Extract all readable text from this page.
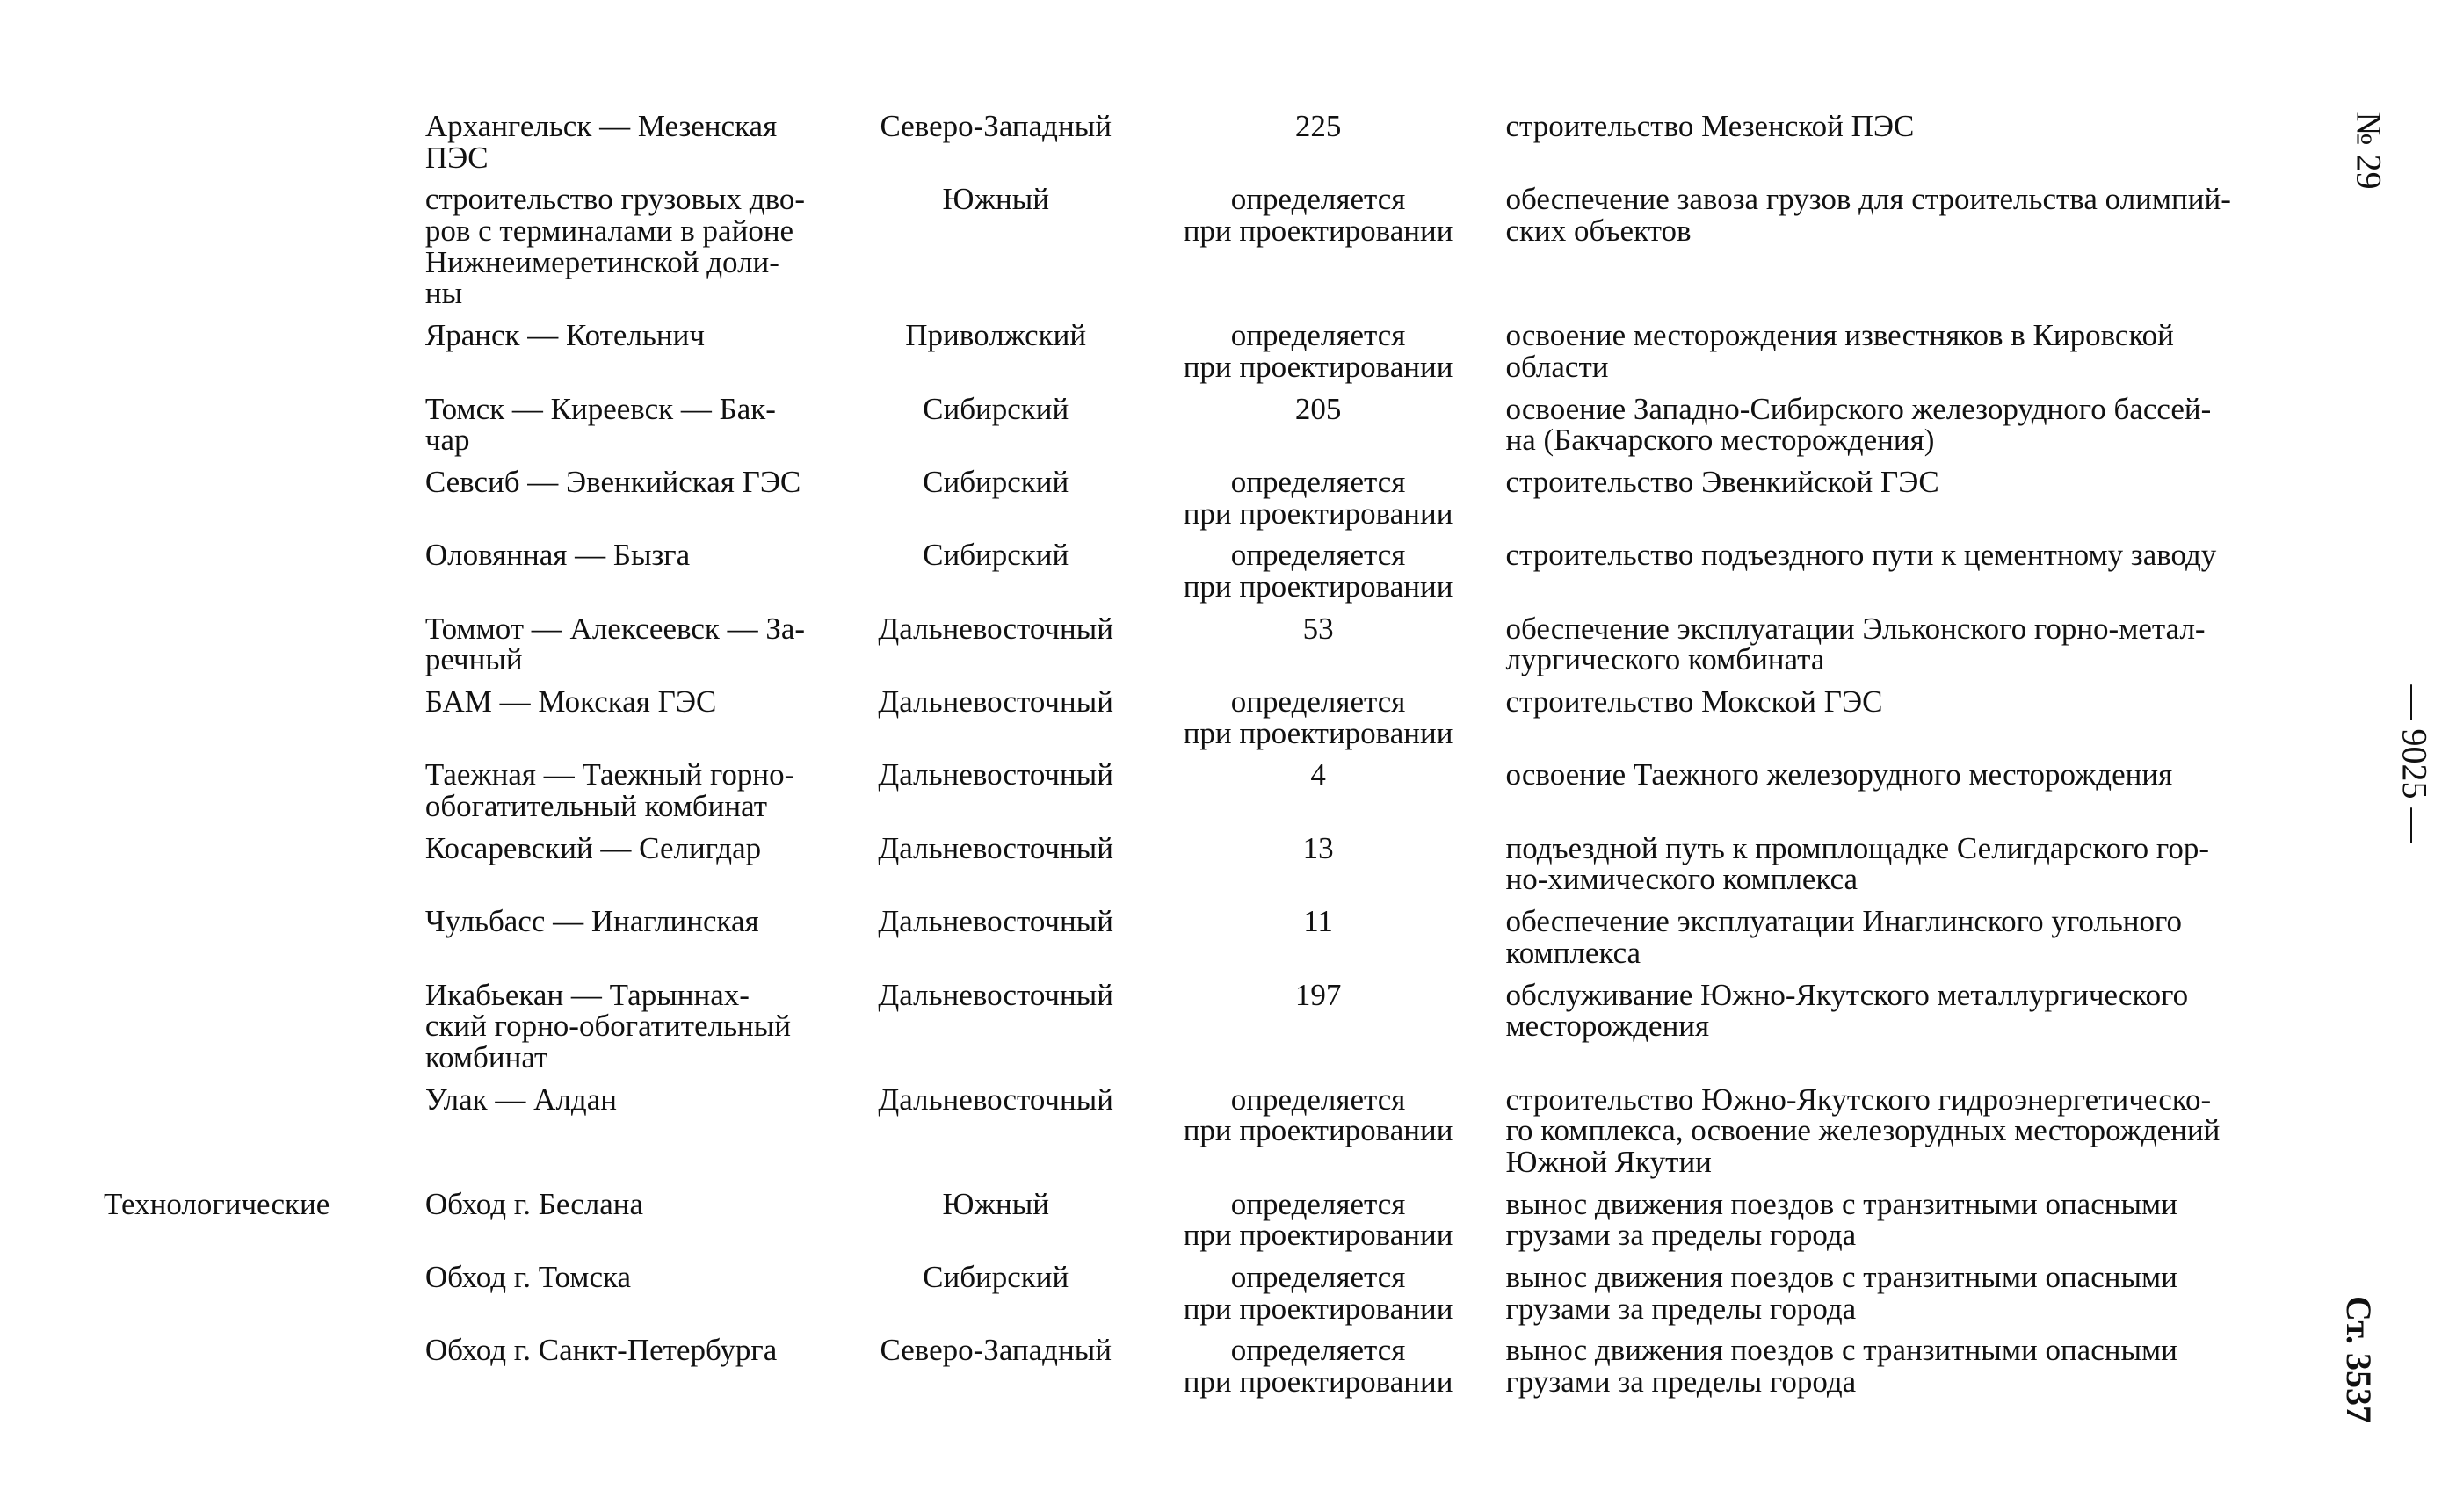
	Архангельск — Мезенская ПЭС	Северо-Западный	225	строительство Мезенской ПЭС

	строительство грузовых дво-
ров с терминалами в районе
Нижнеимеретинской доли-
ны	Южный	определяется
при проектировании	обеспечение завоза грузов для строительства олимпий-
ских объектов

	Яранск — Котельнич	Приволжский	определяется
при проектировании	освоение месторождения известняков в Кировской
области

	Томск — Киреевск — Бак-
чар	Сибирский	205	освоение Западно-Сибирского железорудного бассей-
на (Бакчарского месторождения)

	Севсиб — Эвенкийская ГЭС	Сибирский	определяется
при проектировании	строительство Эвенкийской ГЭС

	Оловянная — Бызга	Сибирский	определяется
при проектировании	строительство подъездного пути к цементному заводу

	Томмот — Алексеевск — За-
речный	Дальневосточный	53	обеспечение эксплуатации Эльконского горно-метал-
лургического комбината

	БАМ — Мокская ГЭС	Дальневосточный	определяется
при проектировании	строительство Мокской ГЭС

	Таежная — Таежный горно-
обогатительный комбинат	Дальневосточный	4	освоение Таежного железорудного месторождения

	Косаревский — Селигдар	Дальневосточный	13	подъездной путь к промплощадке Селигдарского гор-
но-химического комплекса

	Чульбасс — Инаглинская	Дальневосточный	11	обеспечение эксплуатации Инаглинского угольного
комплекса

	Икабьекан — Тарыннах-
ский горно-обогатительный
комбинат	Дальневосточный	197	обслуживание Южно-Якутского металлургического
месторождения

	Улак — Алдан	Дальневосточный	определяется
при проектировании	строительство Южно-Якутского гидроэнергетическо-
го комплекса, освоение железорудных месторождений
Южной Якутии

Технологические	Обход г. Беслана	Южный	определяется
при проектировании	вынос движения поездов с транзитными опасными
грузами за пределы города

	Обход г. Томска	Сибирский	определяется
при проектировании	вынос движения поездов с транзитными опасными
грузами за пределы города

	Обход г. Санкт-Петербурга	Северо-Западный	определяется
при проектировании	вынос движения поездов с транзитными опасными
грузами за пределы города
№ 29
— 9025 —
Ст. 3537
